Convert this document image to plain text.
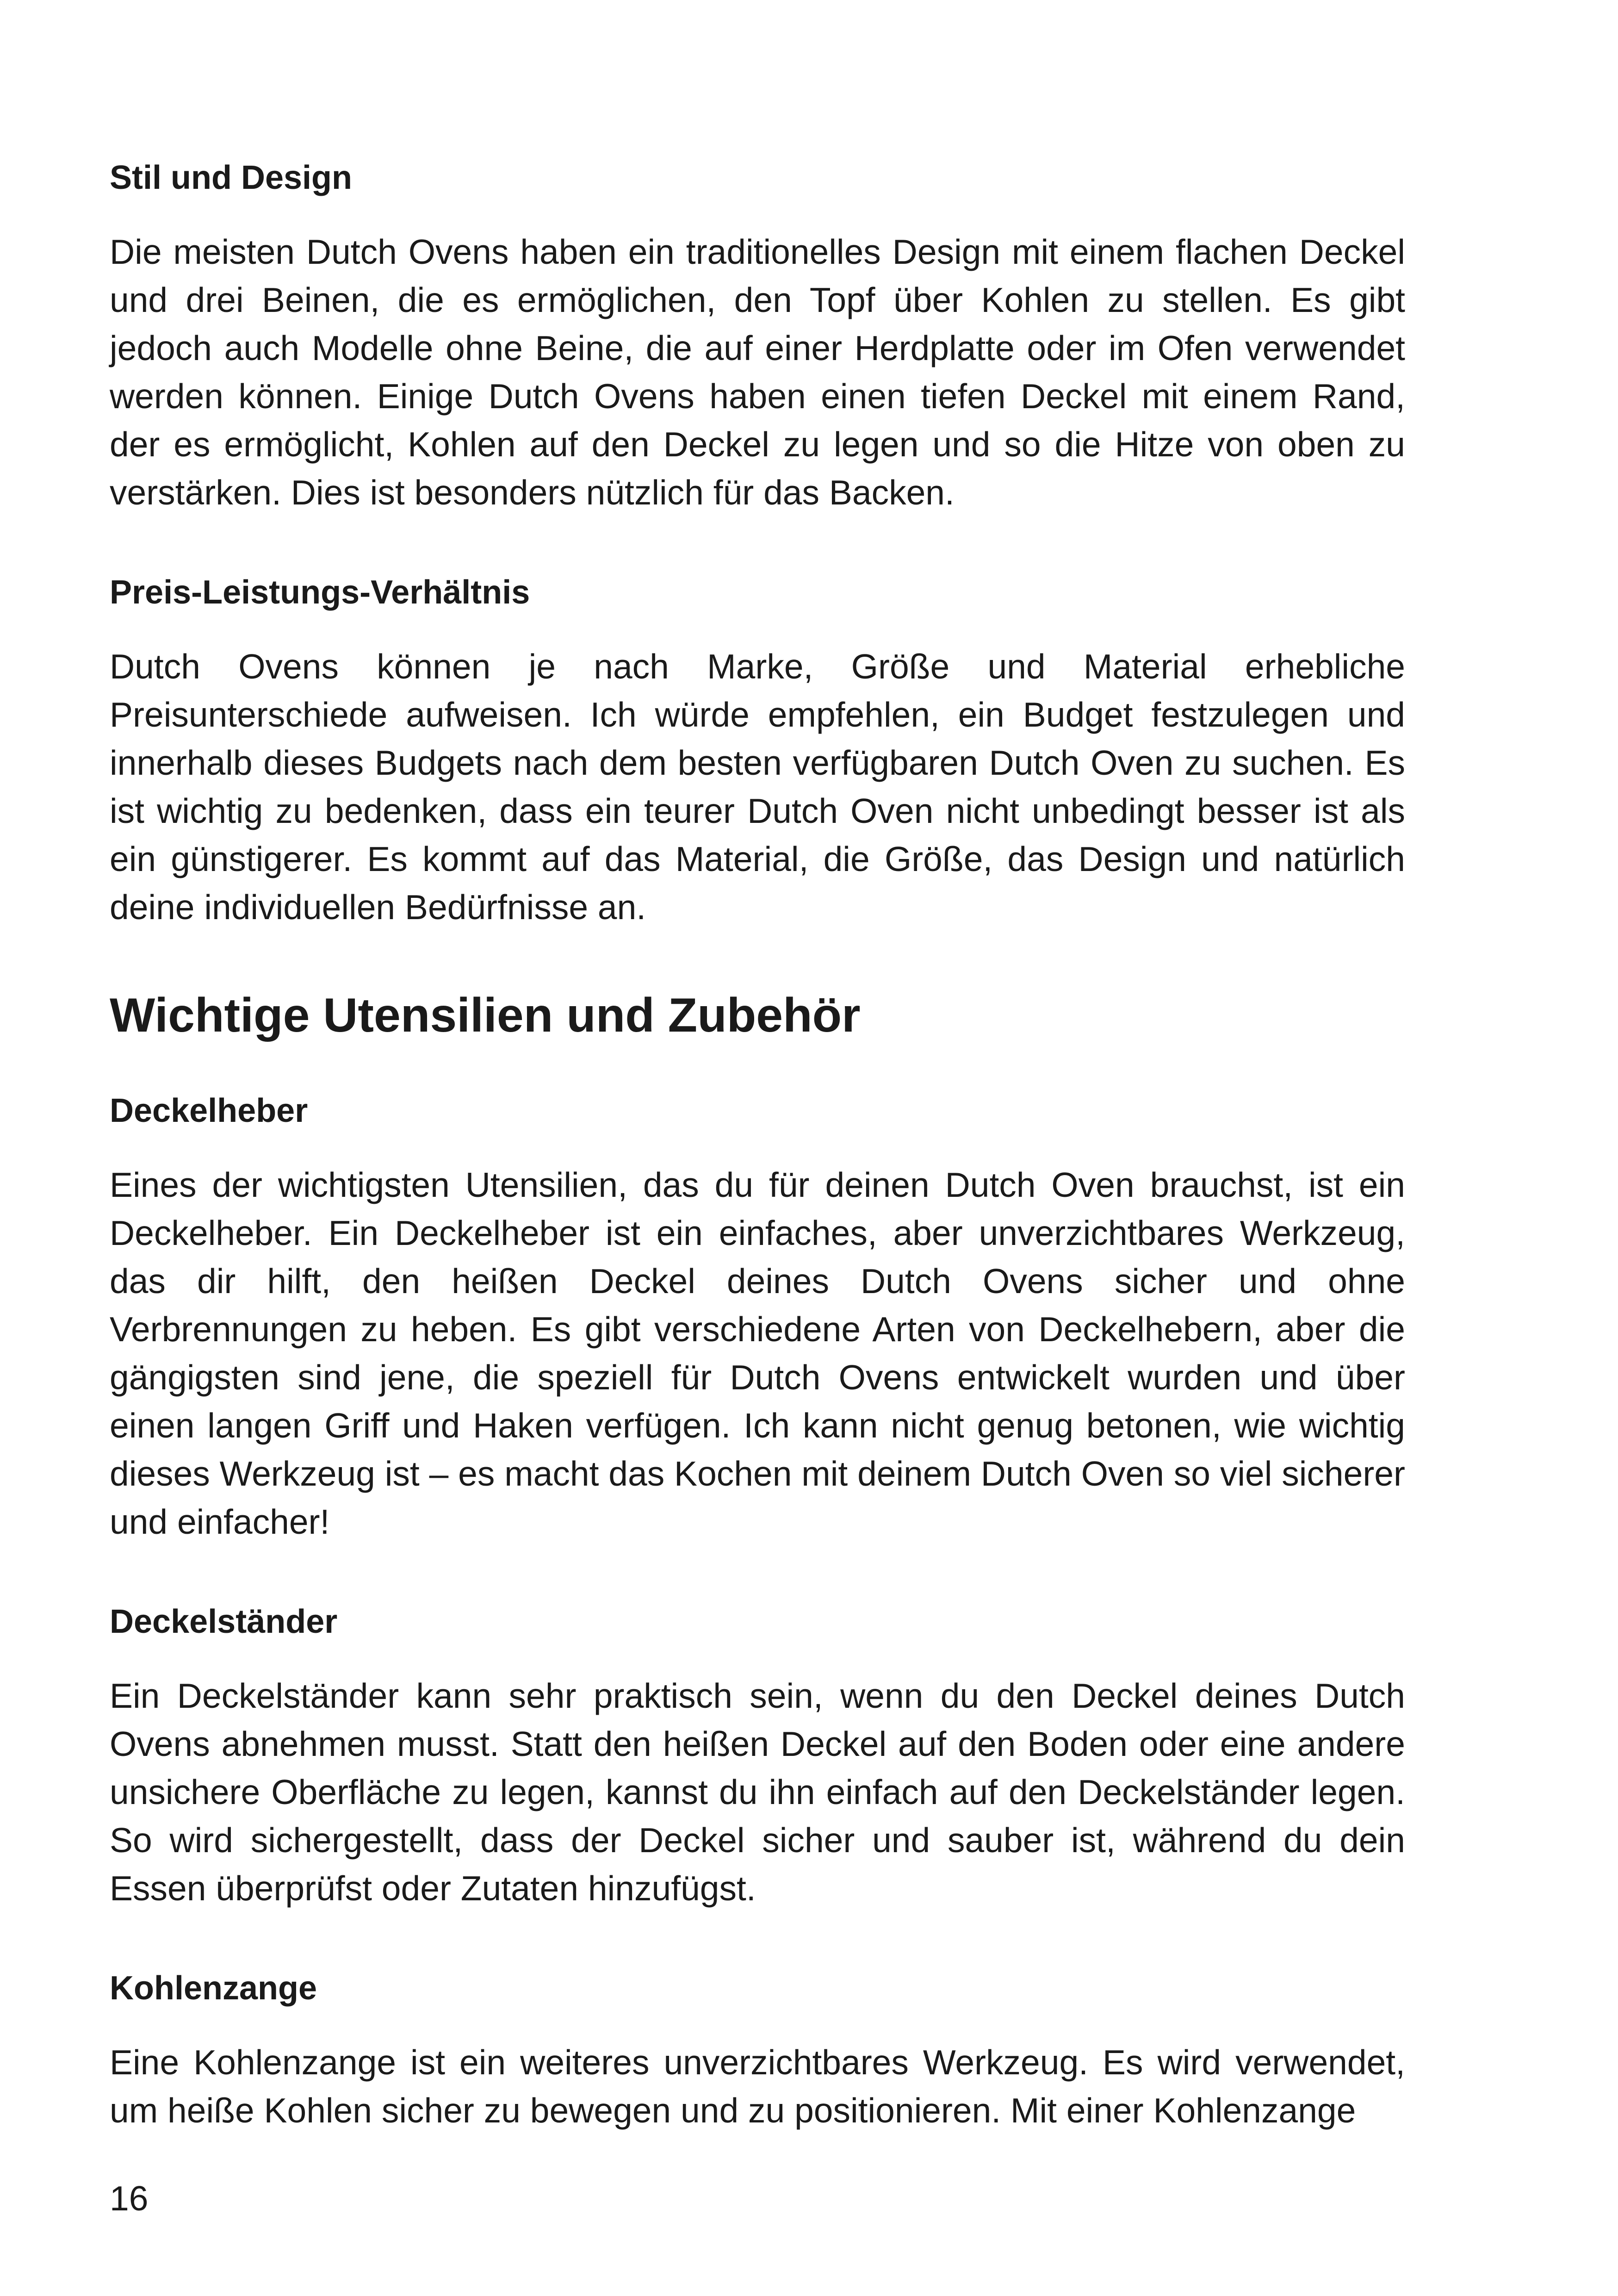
Stil und Design

Die meisten Dutch Ovens haben ein traditionelles Design mit einem flachen Deckel und drei Beinen, die es ermöglichen, den Topf über Kohlen zu stellen. Es gibt jedoch auch Modelle ohne Beine, die auf einer Herdplatte oder im Ofen verwendet werden können. Einige Dutch Ovens haben einen tiefen Deckel mit einem Rand, der es ermöglicht, Kohlen auf den Deckel zu legen und so die Hitze von oben zu verstärken. Dies ist besonders nützlich für das Backen.

Preis-Leistungs-Verhältnis

Dutch Ovens können je nach Marke, Größe und Material erhebliche Preisunterschiede aufweisen. Ich würde empfehlen, ein Budget festzulegen und innerhalb dieses Budgets nach dem besten verfügbaren Dutch Oven zu suchen. Es ist wichtig zu bedenken, dass ein teurer Dutch Oven nicht unbedingt besser ist als ein günstigerer. Es kommt auf das Material, die Größe, das Design und natürlich deine individuellen Bedürfnisse an.

Wichtige Utensilien und Zubehör
Deckelheber

Eines der wichtigsten Utensilien, das du für deinen Dutch Oven brauchst, ist ein Deckelheber. Ein Deckelheber ist ein einfaches, aber unverzichtbares Werkzeug, das dir hilft, den heißen Deckel deines Dutch Ovens sicher und ohne Verbrennungen zu heben. Es gibt verschiedene Arten von Deckelhebern, aber die gängigsten sind jene, die speziell für Dutch Ovens entwickelt wurden und über einen langen Griff und Haken verfügen. Ich kann nicht genug betonen, wie wichtig dieses Werkzeug ist – es macht das Kochen mit deinem Dutch Oven so viel sicherer und einfacher!

Deckelständer

Ein Deckelständer kann sehr praktisch sein, wenn du den Deckel deines Dutch Ovens abnehmen musst. Statt den heißen Deckel auf den Boden oder eine andere unsichere Oberfläche zu legen, kannst du ihn einfach auf den Deckelständer legen. So wird sichergestellt, dass der Deckel sicher und sauber ist, während du dein Essen überprüfst oder Zutaten hinzufügst.

Kohlenzange

Eine Kohlenzange ist ein weiteres unverzichtbares Werkzeug. Es wird verwendet, um heiße Kohlen sicher zu bewegen und zu positionieren. Mit einer Kohlenzange

16
